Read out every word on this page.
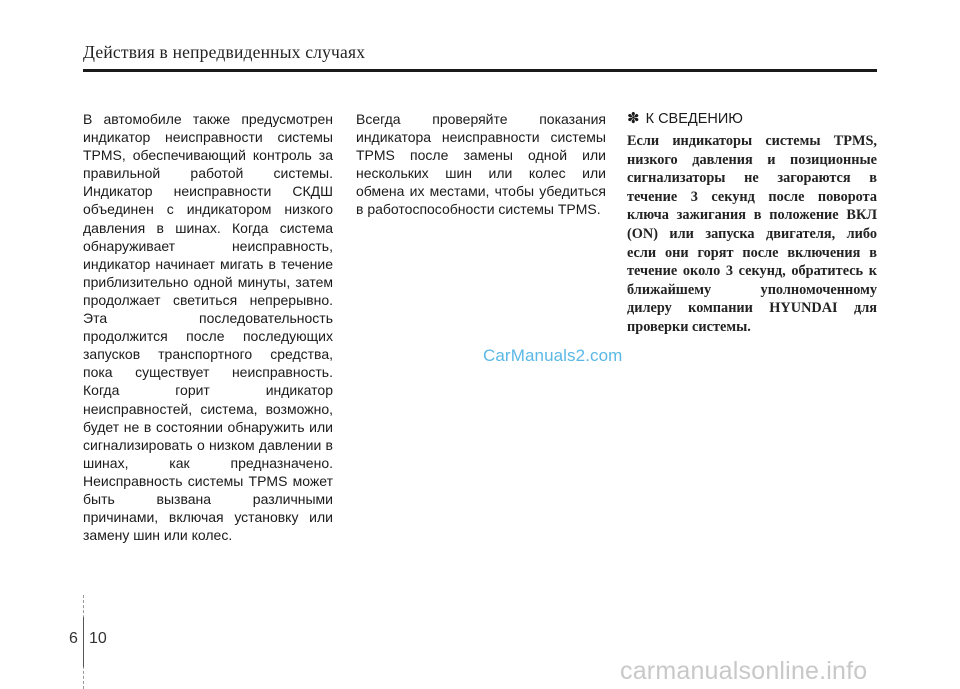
Действия в непредвиденных случаях
В автомобиле также предусмотрен индикатор неисправности системы TPMS, обеспечивающий контроль за правильной работой системы. Индикатор неисправности СКДШ объединен с индикатором низкого давления в шинах. Когда система обнаруживает неисправность, индикатор начинает мигать в течение приблизительно одной минуты, затем продолжает светиться непрерывно. Эта последовательность продолжится после последующих запусков транспортного средства, пока существует неисправность. Когда горит индикатор неисправностей, система, возможно, будет не в состоянии обнаружить или сигнализировать о низком давлении в шинах, как предназначено. Неисправность системы TPMS может быть вызвана различными причинами, включая установку или замену шин или колес.
Всегда проверяйте показания индикатора неисправности системы TPMS после замены одной или нескольких шин или колес или обмена их местами, чтобы убедиться в работоспособности системы TPMS.
✽ К СВЕДЕНИЮ
Если индикаторы системы TPMS, низкого давления и позиционные сигнализаторы не загораются в течение 3 секунд после поворота ключа зажигания в положение ВКЛ (ON) или запуска двигателя, либо если они горят после включения в течение около 3 секунд, обратитесь к ближайшему уполномоченному дилеру компании HYUNDAI для проверки системы.
CarManuals2.com
6 10
carmanualsonline.info
